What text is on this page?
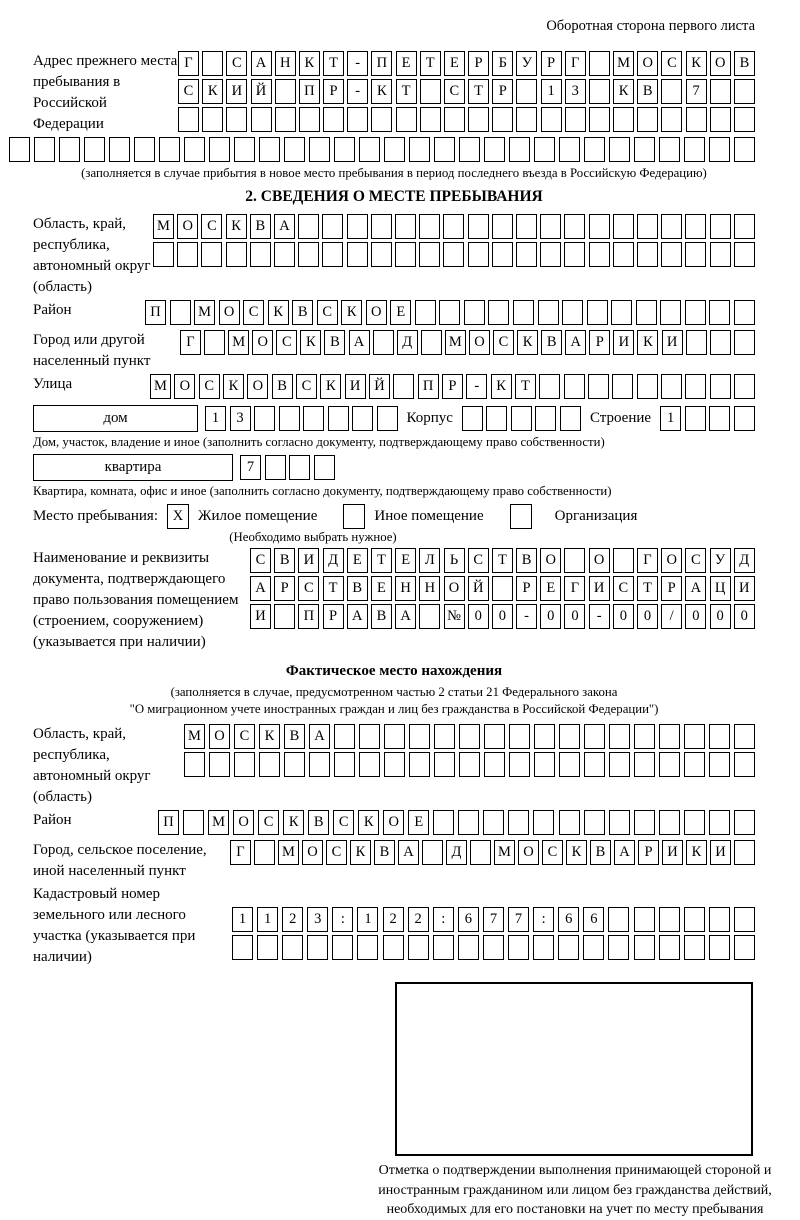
Оборотная сторона первого листа
Адрес прежнего места пребывания в Российской Федерации
Г	С А Н К	Т	-	П	Е	Т	Е	Р	Б	У	Р	Г	М О С	К О В
С	К И Й	П	Р	-	К	Т	С	Т	Р	1	3	К	В	7
(заполняется в случае прибытия в новое место пребывания в период последнего въезда в Российскую Федерацию)
2. СВЕДЕНИЯ О МЕСТЕ ПРЕБЫВАНИЯ
Область, край, республика, автономный округ (область)
М О С	К	В А
Район	П	М О С	К	В	С	К О	Е
Город или другой населенный пункт
Г	М О С К В А	Д	М О С К В А	Р	И К И
Улица	М О С	К О В	С	К И Й	П	Р	-	К	Т
дом	1	3	Корпус	Строение	1
Дом, участок, владение и иное (заполнить согласно документу, подтверждающему право собственности)
квартира	7
Квартира, комната, офис и иное (заполнить согласно документу, подтверждающему право собственности)
Место пребывания:	X Жилое помещение	Иное помещение	Организация
(Необходимо выбрать нужное)
Наименование и реквизиты документа, подтверждающего право пользования помещением (строением, сооружением) (указывается при наличии)
С	В И Д	Е	Т	Е	Л	Ь	С	Т	В О	О	Г	О С У Д
А	Р	С	Т	В	Е	Н Н О Й	Р	Е	Г	И С	Т	Р	А Ц И
И	П	Р	А В А	№ 0	0	-	0	0	-	0	0	/	0	0	0
Фактическое место нахождения
(заполняется в случае, предусмотренном частью 2 статьи 21 Федерального закона
"О миграционном учете иностранных граждан и лиц без гражданства в Российской Федерации")
Область, край, республика, автономный округ (область)
М О	С	К	В	А
Район	П	М О	С	К	В	С	К	О	Е
Город, сельское поселение, иной населенный пункт
Г	М О С К В А	Д	М О С К В А	Р	И К И
Кадастровый номер земельного или лесного участка (указывается при наличии)
1	1	2	3	:	1	2	2	:	6	7	7	:	6	6
Отметка о подтверждении выполнения принимающей стороной и иностранным гражданином или лицом без гражданства действий, необходимых для его постановки на учет по месту пребывания
